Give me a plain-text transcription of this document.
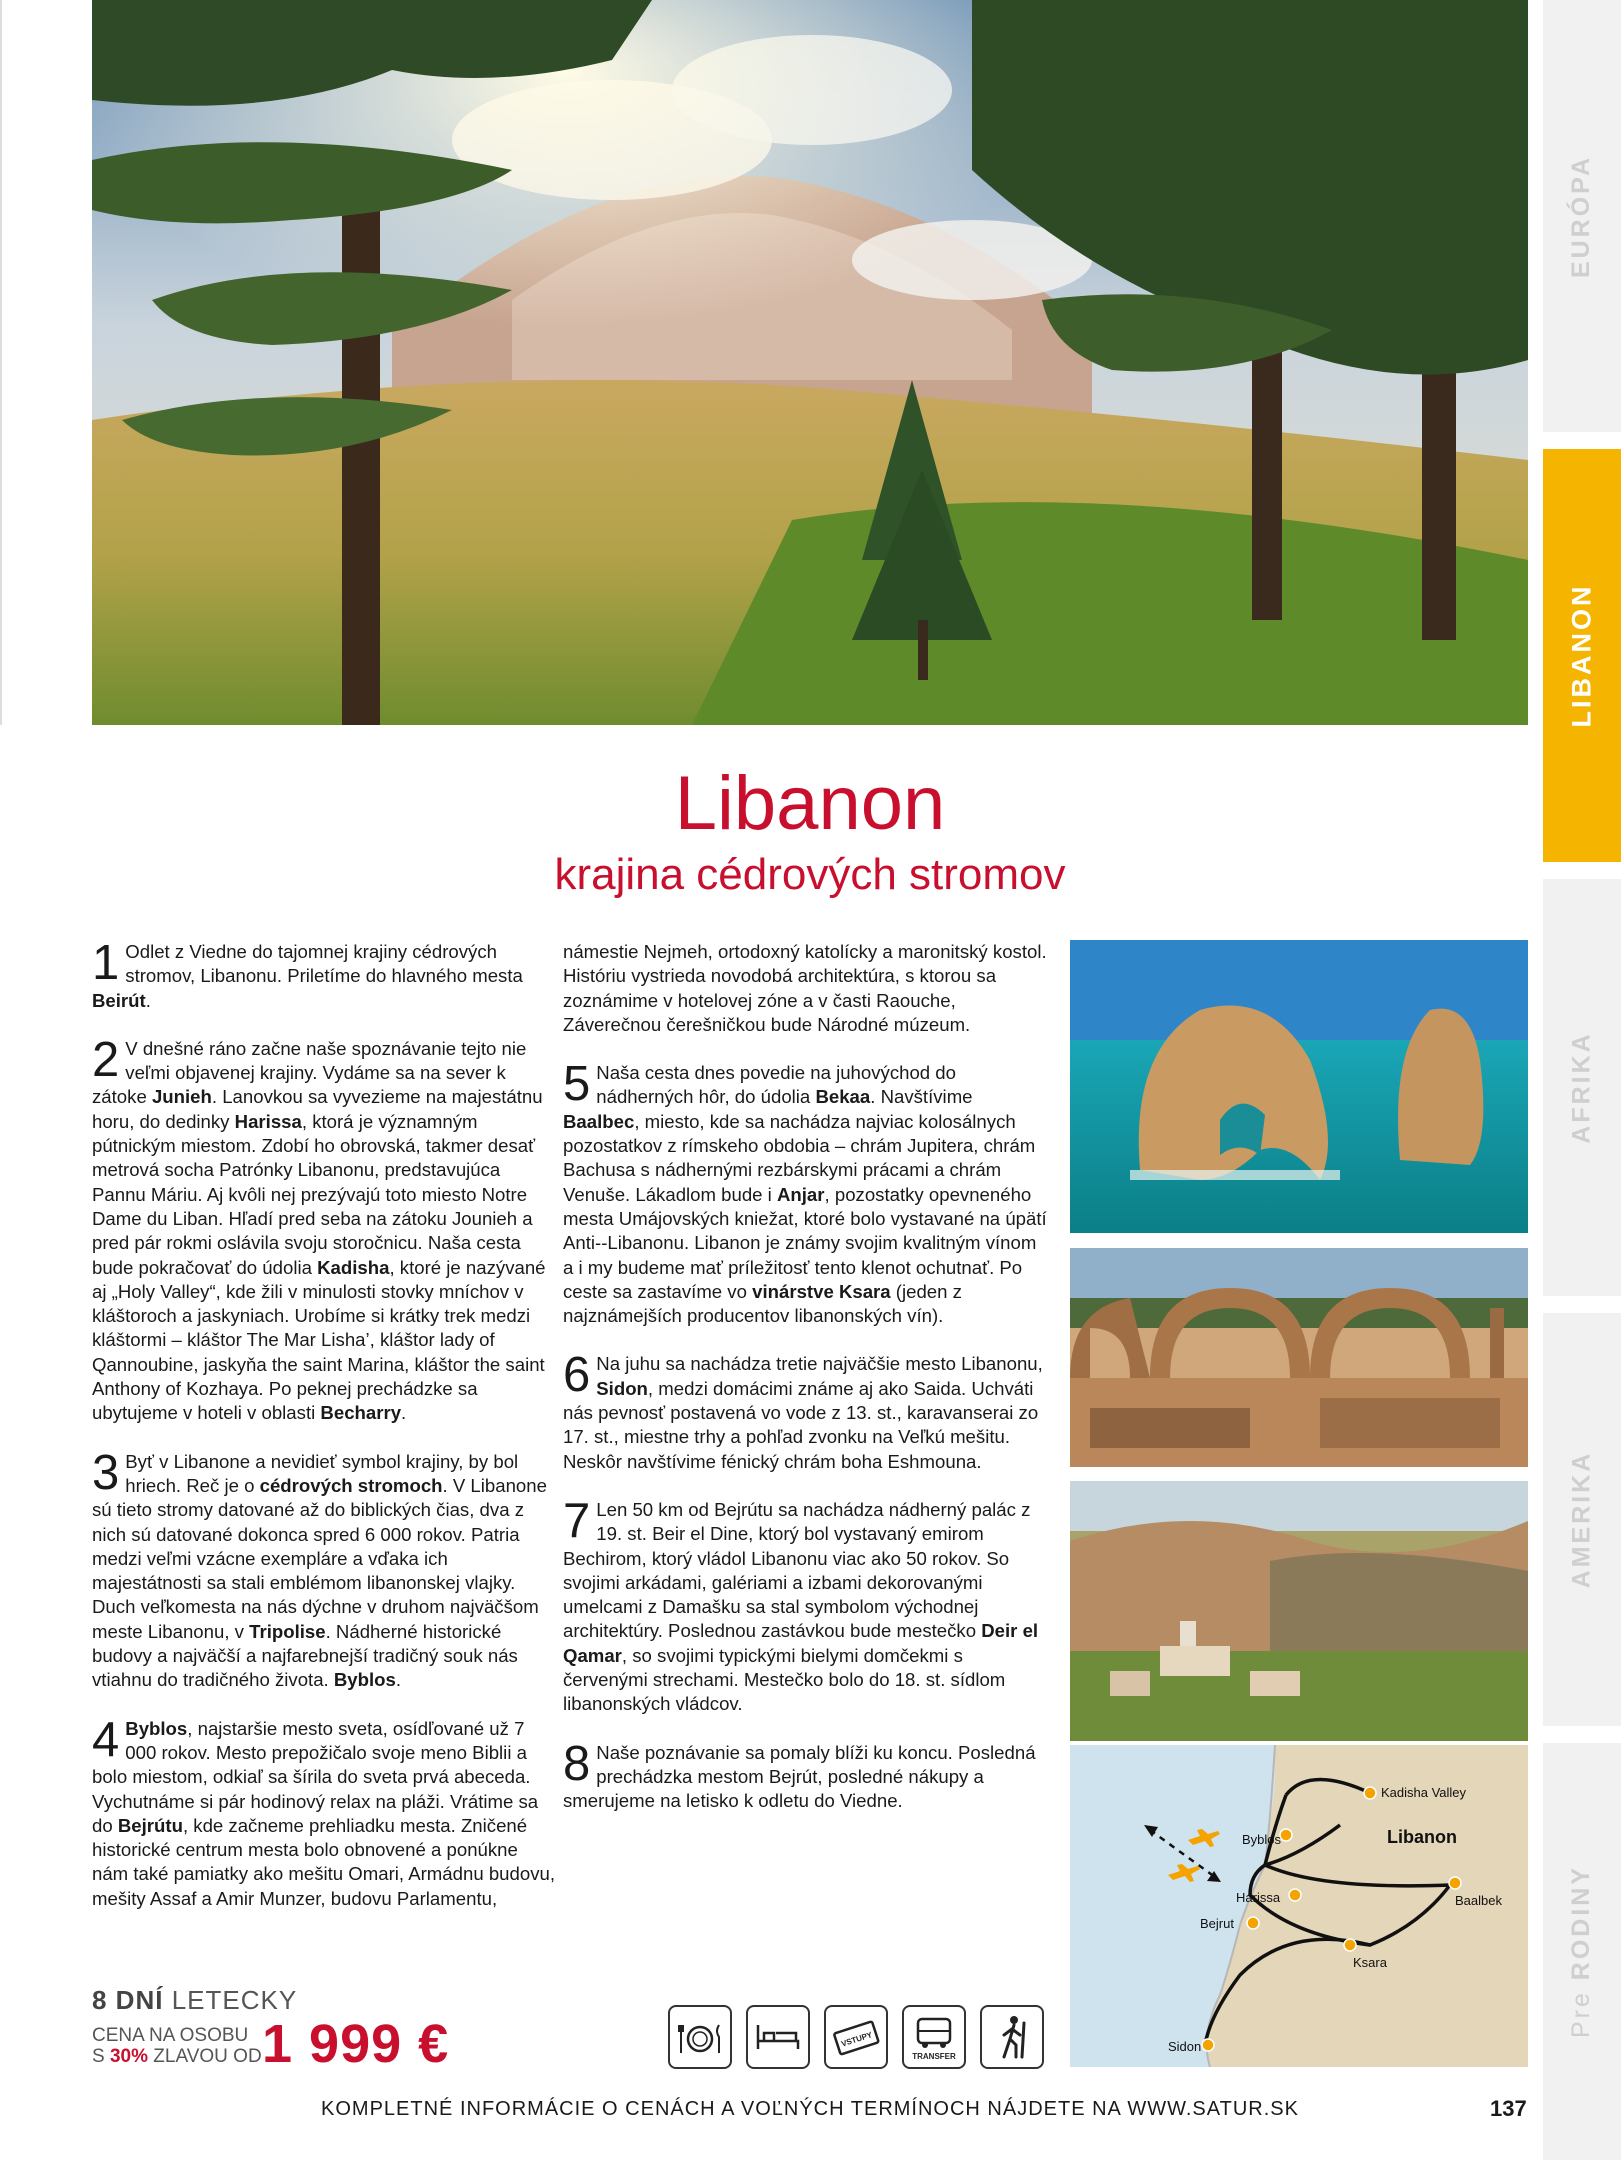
EURÓPA
LIBANON
AFRIKA
AMERIKA
Pre RODINY
Libanon
krajina cédrových stromov
1 Odlet z Viedne do tajomnej krajiny cédrových stromov, Libanonu. Priletíme do hlavného mesta Beirút.
2 V dnešné ráno začne naše spoznávanie tejto nie veľmi objavenej krajiny. Vydáme sa na sever k zátoke Junieh. Lanovkou sa vyvezieme na majestátnu horu, do dedinky Harissa, ktorá je významným pútnickým miestom. Zdobí ho obrovská, takmer desať metrová socha Patrónky Libanonu, predstavujúca Pannu Máriu. Aj kvôli nej prezývajú toto miesto Notre Dame du Liban. Hľadí pred seba na zátoku Jounieh a pred pár rokmi oslávila svoju storočnicu. Naša cesta bude pokračovať do údolia Kadisha, ktoré je nazývané aj „Holy Valley“, kde žili v minulosti stovky mníchov v kláštoroch a jaskyniach. Urobíme si krátky trek medzi kláštormi – kláštor The Mar Lisha’, kláštor lady of Qannoubine, jaskyňa the saint Marina, kláštor the saint Anthony of Kozhaya. Po peknej prechádzke sa ubytujeme v hoteli v oblasti Becharry.
3 Byť v Libanone a nevidieť symbol krajiny, by bol hriech. Reč je o cédrových stromoch. V Libanone sú tieto stromy datované až do biblických čias, dva z nich sú datované dokonca spred 6 000 rokov. Patria medzi veľmi vzácne exempláre a vďaka ich majestátnosti sa stali emblémom libanonskej vlajky. Duch veľkomesta na nás dýchne v druhom najväčšom meste Libanonu, v Tripolise. Nádherné historické budovy a najväčší a najfarebnejší tradičný souk nás vtiahnu do tradičného života. Byblos.
4 Byblos, najstaršie mesto sveta, osídľované už 7 000 rokov. Mesto prepožičalo svoje meno Biblii a bolo miestom, odkiaľ sa šírila do sveta prvá abeceda. Vychutnáme si pár hodinový relax na pláži. Vrátime sa do Bejrútu, kde začneme prehliadku mesta. Zničené historické centrum mesta bolo obnovené a ponúkne nám také pamiatky ako mešitu Omari, Armádnu budovu, mešity Assaf a Amir Munzer, budovu Parlamentu,
námestie Nejmeh, ortodoxný katolícky a maronitský kostol. Históriu vystrieda novodobá architektúra, s ktorou sa zoznámime v hotelovej zóne a v časti Raouche, Záverečnou čerešničkou bude Národné múzeum.
5 Naša cesta dnes povedie na juhovýchod do nádherných hôr, do údolia Bekaa. Navštívime Baalbec, miesto, kde sa nachádza najviac kolosálnych pozostatkov z rímskeho obdobia – chrám Jupitera, chrám Bachusa s nádhernými rezbárskymi prácami a chrám Venuše. Lákadlom bude i Anjar, pozostatky opevneného mesta Umájovských kniežat, ktoré bolo vystavané na úpätí Anti--Libanonu. Libanon je známy svojim kvalitným vínom a i my budeme mať príležitosť tento klenot ochutnať. Po ceste sa zastavíme vo vinárstve Ksara (jeden z najznámejších producentov libanonských vín).
6 Na juhu sa nachádza tretie najväčšie mesto Libanonu, Sidon, medzi domácimi známe aj ako Saida. Uchváti nás pevnosť postavená vo vode z 13. st., karavanserai zo 17. st., miestne trhy a pohľad zvonku na Veľkú mešitu. Neskôr navštívime fénický chrám boha Eshmouna.
7 Len 50 km od Bejrútu sa nachádza nádherný palác z 19. st. Beir el Dine, ktorý bol vystavaný emirom Bechirom, ktorý vládol Libanonu viac ako 50 rokov. So svojimi arkádami, galériami a izbami dekorovanými umelcami z Damašku sa stal symbolom východnej architektúry. Poslednou zastávkou bude mestečko Deir el Qamar, so svojimi typickými bielymi domčekmi s červenými strechami. Mestečko bolo do 18. st. sídlom libanonských vládcov.
8 Naše poznávanie sa pomaly blíži ku koncu. Posledná prechádzka mestom Bejrút, posledné nákupy a smerujeme na letisko k odletu do Viedne.
Libanon
Kadisha Valley
Byblos
Harissa
Bejrut
Baalbek
Ksara
Sidon
8 DNÍ LETECKY
CENA NA OSOBU
S 30% ZLAVOU OD 1 999 €	VSTUPY
TRANSFER
KOMPLETNÉ INFORMÁCIE O CENÁCH A VOĽNÝCH TERMÍNOCH NÁJDETE NA WWW.SATUR.SK	137
